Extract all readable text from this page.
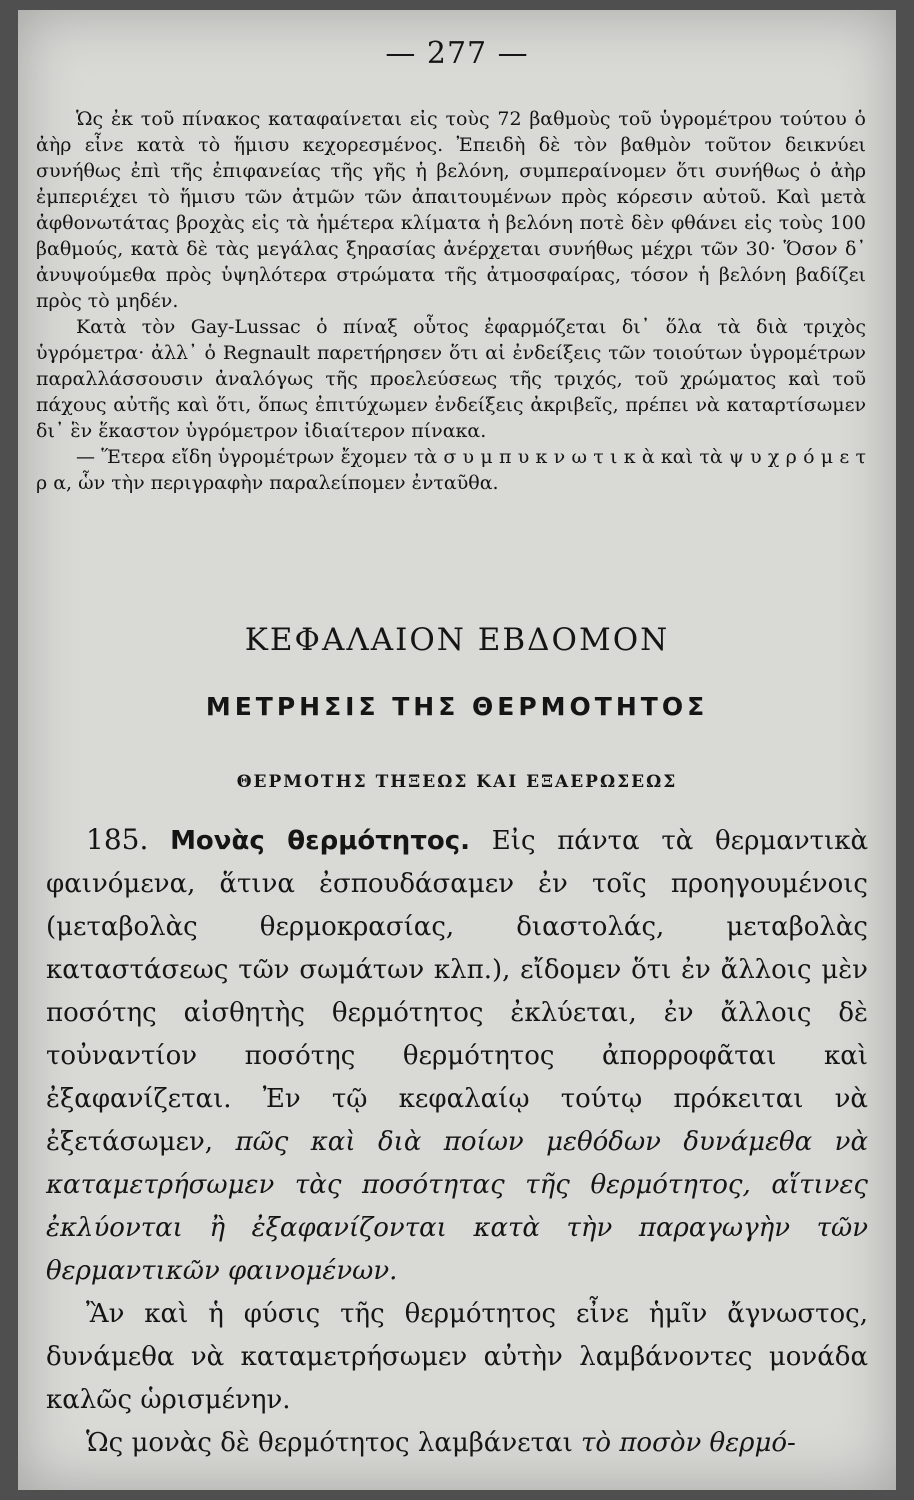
— 277 —

Ὡς ἐκ τοῦ πίνακος καταφαίνεται εἰς τοὺς 72 βαθμοὺς τοῦ ὑγρομέτρου τούτου ὁ ἀὴρ εἶνε κατὰ τὸ ἥμισυ κεχορεσμένος. Ἐπειδὴ δὲ τὸν βαθμὸν τοῦτον δεικνύει συνήθως ἐπὶ τῆς ἐπιφανείας τῆς γῆς ἡ βελόνη, συμπεραίνομεν ὅτι συνήθως ὁ ἀὴρ ἐμπεριέχει τὸ ἥμισυ τῶν ἀτμῶν τῶν ἀπαιτουμένων πρὸς κόρεσιν αὐτοῦ. Καὶ μετὰ ἀφθονωτάτας βροχὰς εἰς τὰ ἡμέτερα κλίματα ἡ βελόνη ποτὲ δὲν φθάνει εἰς τοὺς 100 βαθμούς, κατὰ δὲ τὰς μεγάλας ξηρασίας ἀνέρχεται συνήθως μέχρι τῶν 30· Ὅσον δ᾿ ἀνυψούμεθα πρὸς ὑψηλότερα στρώματα τῆς ἀτμοσφαίρας, τόσον ἡ βελόνη βαδίζει πρὸς τὸ μηδέν.

Κατὰ τὸν Gay-Lussac ὁ πίναξ οὗτος ἐφαρμόζεται δι᾿ ὅλα τὰ διὰ τριχὸς ὑγρόμετρα· ἀλλ᾿ ὁ Regnault παρετήρησεν ὅτι αἱ ἐνδείξεις τῶν τοιούτων ὑγρομέτρων παραλλάσσουσιν ἀναλόγως τῆς προελεύσεως τῆς τριχός, τοῦ χρώματος καὶ τοῦ πάχους αὐτῆς καὶ ὅτι, ὅπως ἐπιτύχωμεν ἐνδείξεις ἀκριβεῖς, πρέπει νὰ καταρτίσωμεν δι᾿ ἓν ἕκαστον ὑγρόμετρον ἰδιαίτερον πίνακα.

— Ἕτερα εἴδη ὑγρομέτρων ἔχομεν τὰ σ υ μ π υ κ ν ω τ ι κ ὰ καὶ τὰ ψ υ χ ρ ό μ ε τ ρ α, ὧν τὴν περιγραφὴν παραλείπομεν ἐνταῦθα.

ΚΕΦΑΛΑΙΟΝ ΕΒΔΟΜΟΝ
ΜΕΤΡΗΣΙΣ ΤΗΣ ΘΕΡΜΟΤΗΤΟΣ
ΘΕΡΜΟΤΗΣ ΤΗΞΕΩΣ ΚΑΙ ΕΞΑΕΡΩΣΕΩΣ

185. Μονὰς θερμότητος. Εἰς πάντα τὰ θερμαντικὰ φαινόμενα, ἅτινα ἐσπουδάσαμεν ἐν τοῖς προηγουμένοις (μεταβολὰς θερμοκρασίας, διαστολάς, μεταβολὰς καταστάσεως τῶν σωμάτων κλπ.), εἴδομεν ὅτι ἐν ἄλλοις μὲν ποσότης αἰσθητὴς θερμότητος ἐκλύεται, ἐν ἄλλοις δὲ τοὐναντίον ποσότης θερμότητος ἀπορροφᾶται καὶ ἐξαφανίζεται. Ἐν τῷ κεφαλαίῳ τούτῳ πρόκειται νὰ ἐξετάσωμεν, πῶς καὶ διὰ ποίων μεθόδων δυνάμεθα νὰ καταμετρήσωμεν τὰς ποσότητας τῆς θερμότητος, αἵτινες ἐκλύονται ἢ ἐξαφανίζονται κατὰ τὴν παραγωγὴν τῶν θερμαντικῶν φαινομένων.

Ἂν καὶ ἡ φύσις τῆς θερμότητος εἶνε ἡμῖν ἄγνωστος, δυνάμεθα νὰ καταμετρήσωμεν αὐτὴν λαμβάνοντες μονάδα καλῶς ὡρισμένην.

Ὡς μονὰς δὲ θερμότητος λαμβάνεται τὸ ποσὸν θερμό-
